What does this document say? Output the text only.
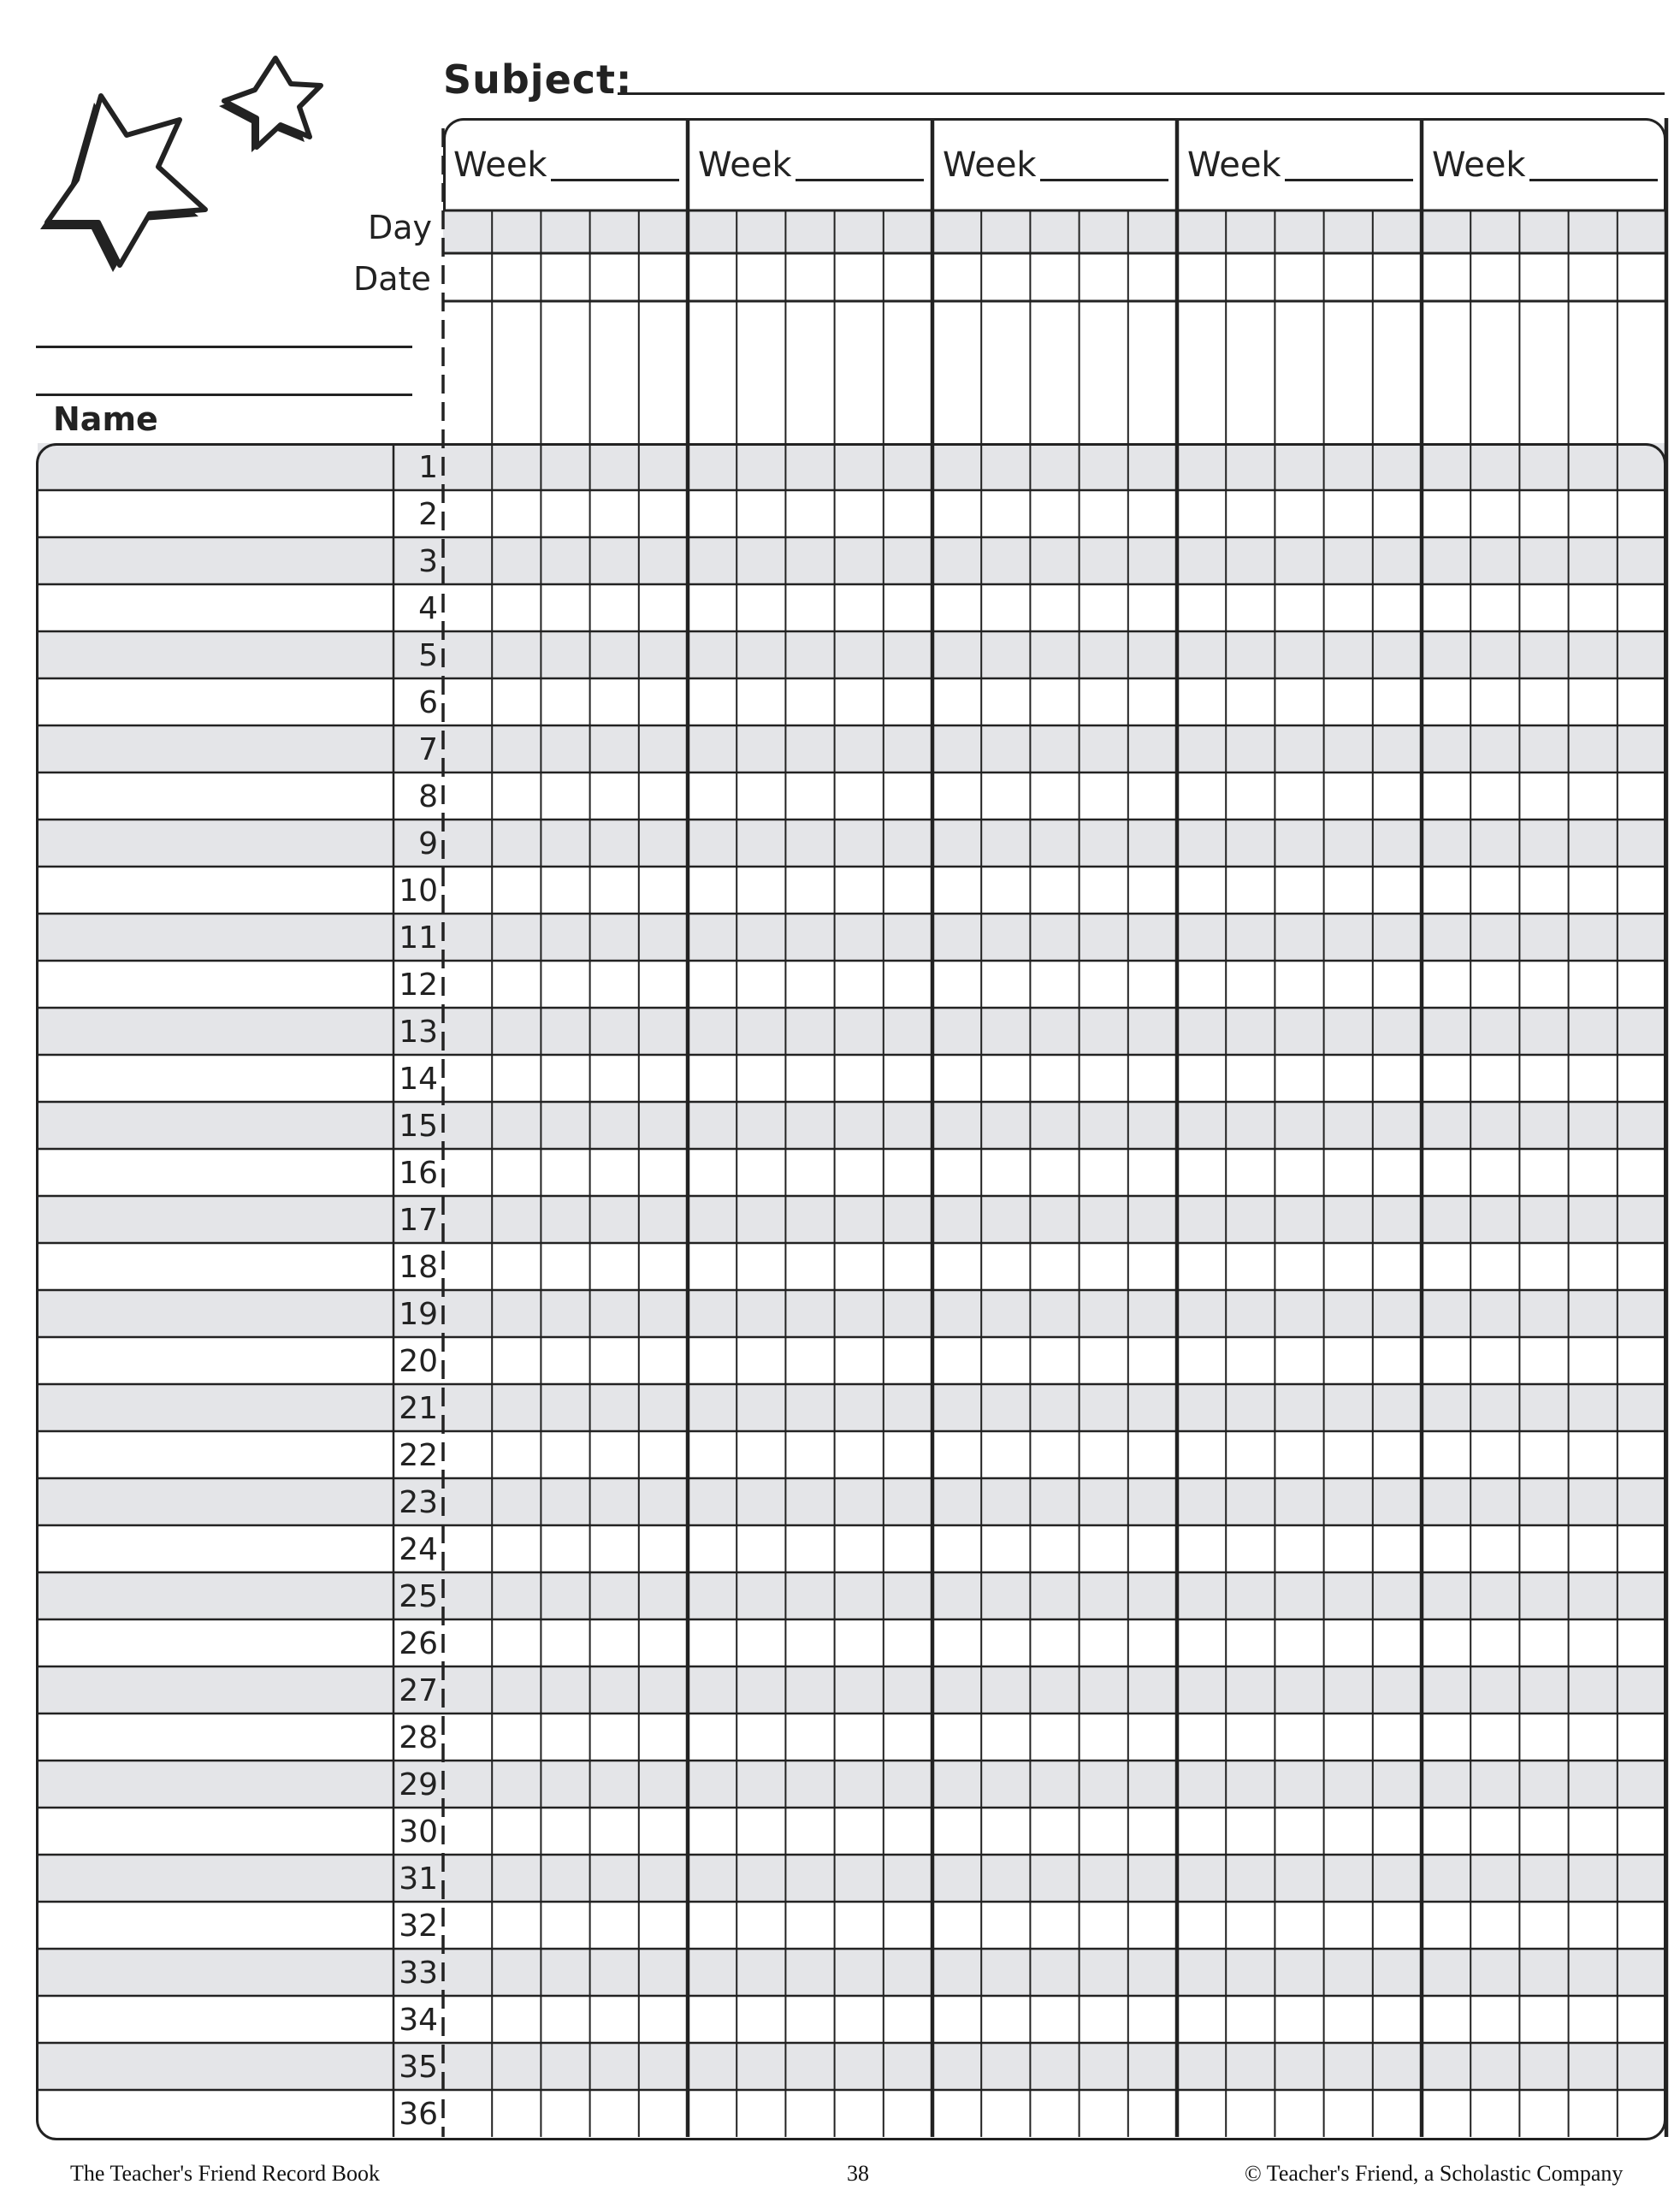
Subject:
Week	Week	Week	Week	Week
Day
Date
Name
1
2
3
4
5
6
7
8
9
10
11
12
13
14
15
16
17
18
19
20
21
22
23
24
25
26
27
28
29
30
31
32
33
34
35
36
The Teacher's Friend Record Book	38	© Teacher's Friend, a Scholastic Company
